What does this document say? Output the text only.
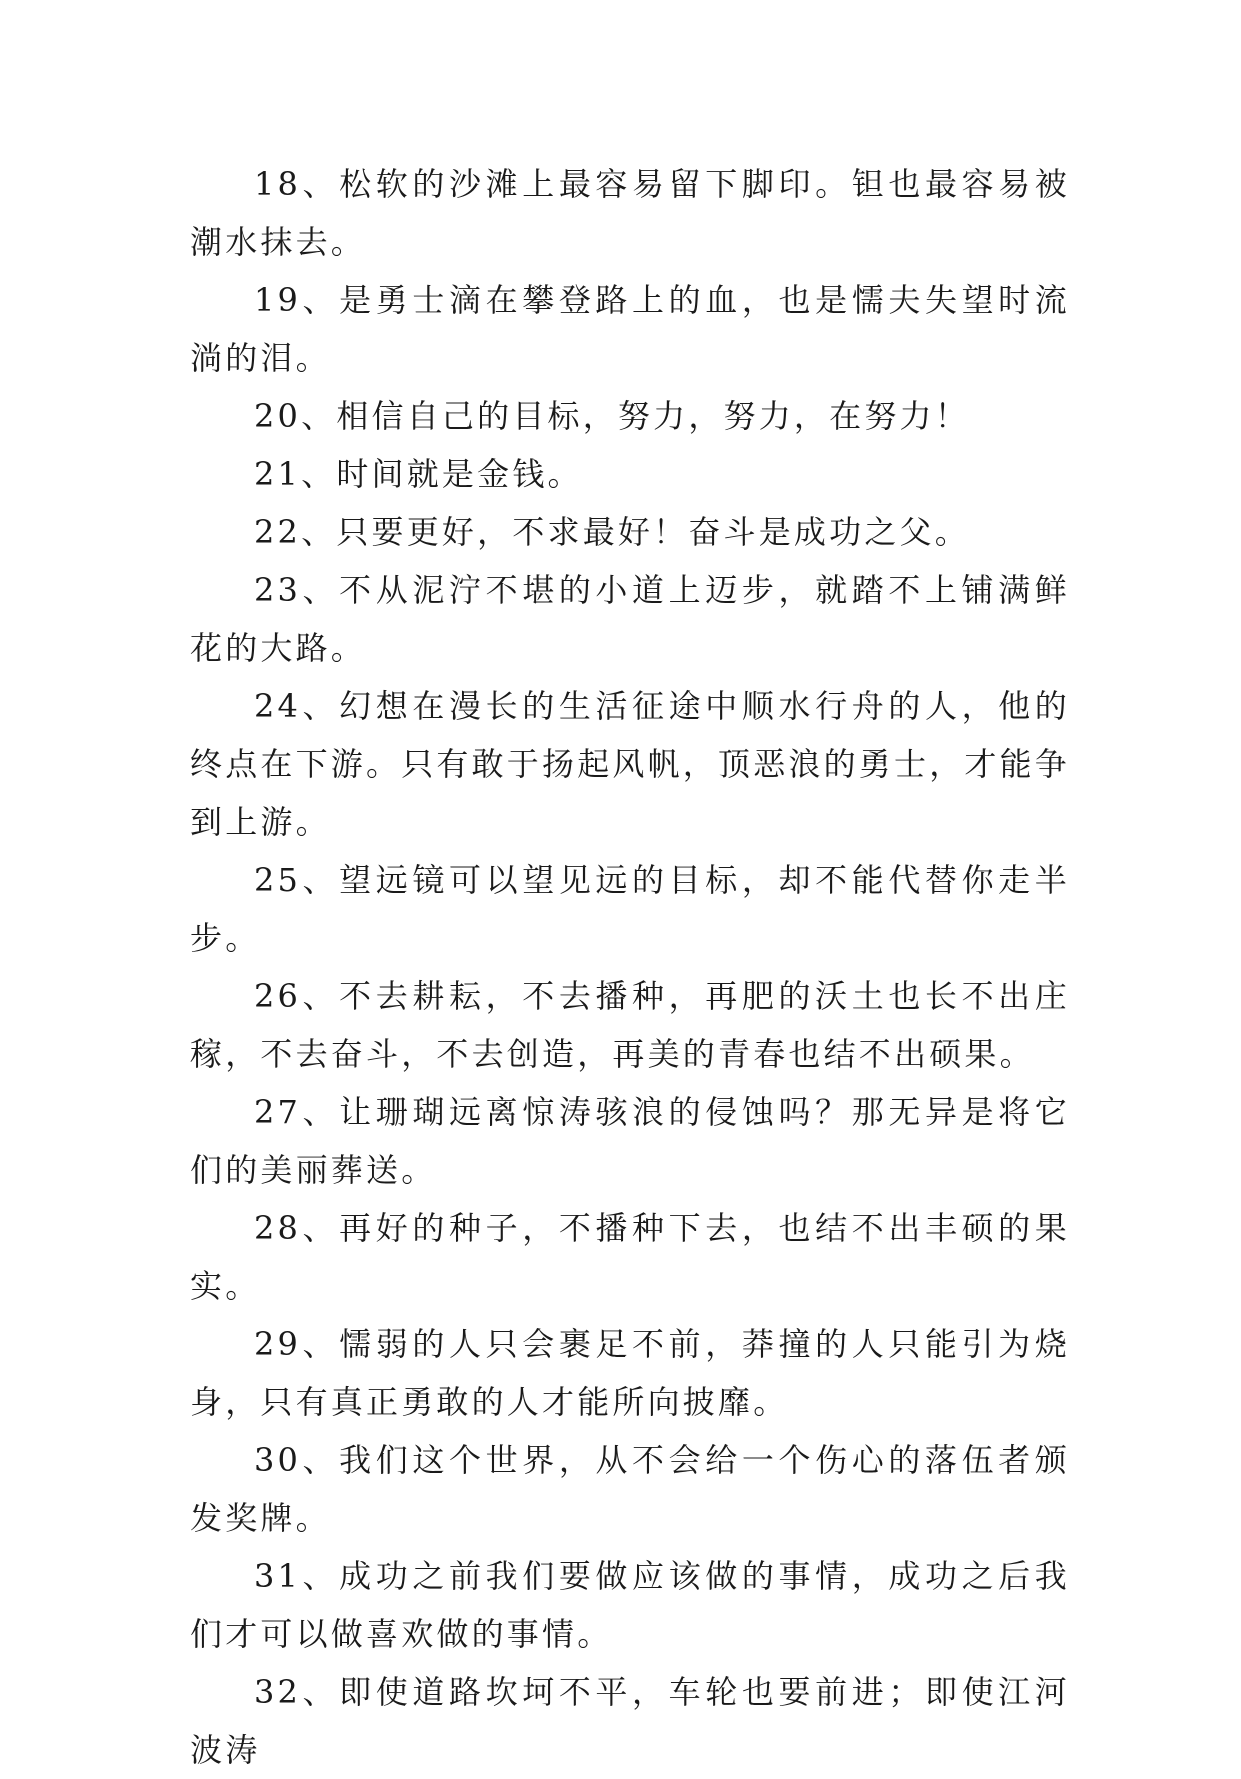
18、松软的沙滩上最容易留下脚印。钽也最容易被潮水抹去。

19、是勇士滴在攀登路上的血，也是懦夫失望时流淌的泪。

20、相信自己的目标，努力，努力，在努力！

21、时间就是金钱。

22、只要更好，不求最好！奋斗是成功之父。

23、不从泥泞不堪的小道上迈步，就踏不上铺满鲜花的大路。

24、幻想在漫长的生活征途中顺水行舟的人，他的终点在下游。只有敢于扬起风帆，顶恶浪的勇士，才能争到上游。

25、望远镜可以望见远的目标，却不能代替你走半步。

26、不去耕耘，不去播种，再肥的沃土也长不出庄稼，不去奋斗，不去创造，再美的青春也结不出硕果。

27、让珊瑚远离惊涛骇浪的侵蚀吗？那无异是将它们的美丽葬送。

28、再好的种子，不播种下去，也结不出丰硕的果实。

29、懦弱的人只会裹足不前，莽撞的人只能引为烧身，只有真正勇敢的人才能所向披靡。

30、我们这个世界，从不会给一个伤心的落伍者颁发奖牌。

31、成功之前我们要做应该做的事情，成功之后我们才可以做喜欢做的事情。

32、即使道路坎坷不平，车轮也要前进；即使江河波涛
